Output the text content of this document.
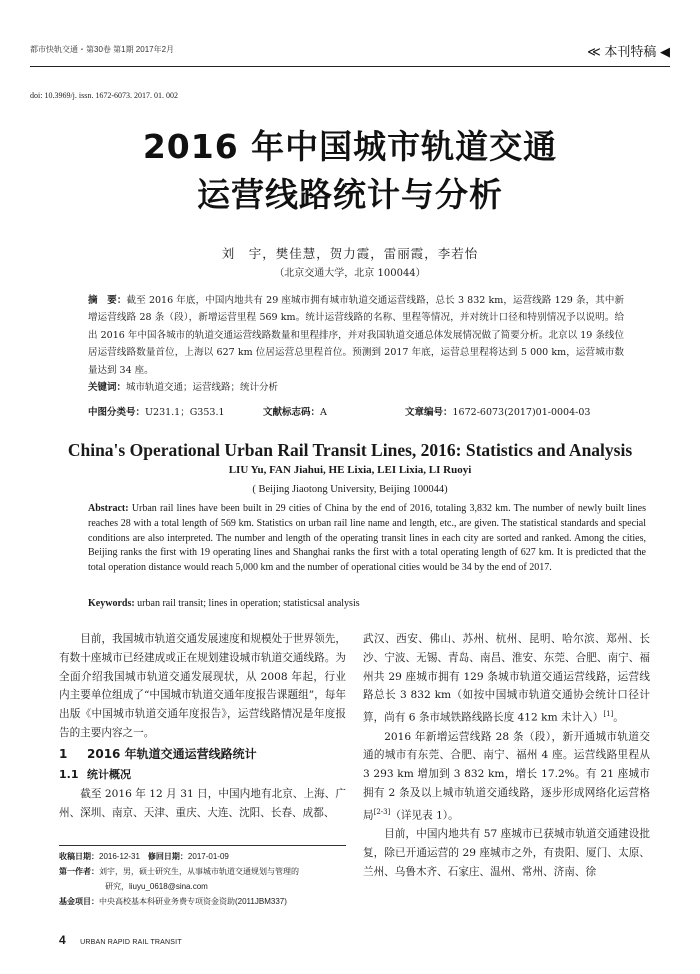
都市快轨交通・第30卷 第1期 2017年2月	≪ 本刊特稿 ◀
doi: 10.3969/j. issn. 1672-6073. 2017. 01. 002
2016 年中国城市轨道交通
运营线路统计与分析
刘　宇，樊佳慧，贺力霞，雷丽霞，李若怡
（北京交通大学，北京 100044）
摘　要：截至 2016 年底，中国内地共有 29 座城市拥有城市轨道交通运营线路，总长 3 832 km，运营线路 129 条，其中新增运营线路 28 条（段），新增运营里程 569 km。统计运营线路的名称、里程等情况，并对统计口径和特别情况予以说明。给出 2016 年中国各城市的轨道交通运营线路数量和里程排序，并对我国轨道交通总体发展情况做了简要分析。北京以 19 条线位居运营线路数量首位，上海以 627 km 位居运营总里程首位。预测到 2017 年底，运营总里程将达到 5 000 km，运营城市数量达到 34 座。
关键词：城市轨道交通；运营线路；统计分析
中图分类号：U231.1；G353.1	文献标志码：A	文章编号：1672-6073(2017)01-0004-03
China's Operational Urban Rail Transit Lines, 2016: Statistics and Analysis
LIU Yu, FAN Jiahui, HE Lixia, LEI Lixia, LI Ruoyi
( Beijing Jiaotong University, Beijing 100044)
Abstract: Urban rail lines have been built in 29 cities of China by the end of 2016, totaling 3,832 km. The number of newly built lines reaches 28 with a total length of 569 km. Statistics on urban rail line name and length, etc., are given. The statistical standards and special conditions are also interpreted. The number and length of the operating transit lines in each city are sorted and ranked. Among the cities, Beijing ranks the first with 19 operating lines and Shanghai ranks the first with a total operating length of 627 km. It is predicted that the total operation distance would reach 5,000 km and the number of operational cities would be 34 by the end of 2017.
Keywords: urban rail transit; lines in operation; statisticsal analysis

目前，我国城市轨道交通发展速度和规模处于世界领先，有数十座城市已经建成或正在规划建设城市轨道交通线路。为全面介绍我国城市轨道交通发展现状，从 2008 年起，行业内主要单位组成了“中国城市轨道交通年度报告课题组”，每年出版《中国城市轨道交通年度报告》，运营线路情况是年度报告的主要内容之一。

1 2016 年轨道交通运营线路统计
1.1 统计概况

截至 2016 年 12 月 31 日，中国内地有北京、上海、广州、深圳、南京、天津、重庆、大连、沈阳、长春、成都、

武汉、西安、佛山、苏州、杭州、昆明、哈尔滨、郑州、长沙、宁波、无锡、青岛、南昌、淮安、东莞、合肥、南宁、福州共 29 座城市拥有 129 条城市轨道交通运营线路，运营线路总长 3 832 km（如按中国城市轨道交通协会统计口径计算，尚有 6 条市域铁路线路长度 412 km 未计入）[1]。

2016 年新增运营线路 28 条（段），新开通城市轨道交通的城市有东莞、合肥、南宁、福州 4 座。运营线路里程从 3 293 km 增加到 3 832 km，增长 17.2%。有 21 座城市拥有 2 条及以上城市轨道交通线路，逐步形成网络化运营格局[2-3]（详见表 1）。

目前，中国内地共有 57 座城市已获城市轨道交通建设批复，除已开通运营的 29 座城市之外，有贵阳、厦门、太原、兰州、乌鲁木齐、石家庄、温州、常州、济南、徐

收稿日期：2016-12-31　 修回日期：2017-01-09
第一作者：刘宇，男，硕士研究生，从事城市轨道交通规划与管理的
研究，liuyu_0618@sina.com
基金项目：中央高校基本科研业务费专项资金资助(2011JBM337)
4 URBAN RAPID RAIL TRANSIT
